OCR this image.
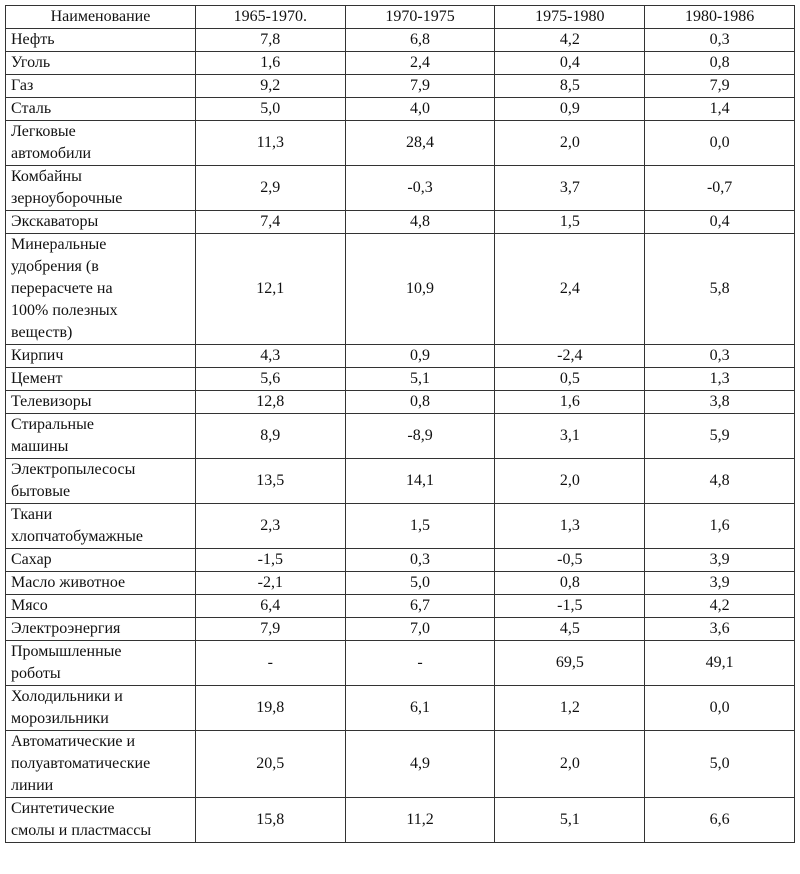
Наименование	1965-1970.	1970-1975	1975-1980	1980-1986

Нефть	7,8	6,8	4,2	0,3

Уголь	1,6	2,4	0,4	0,8

Газ	9,2	7,9	8,5	7,9

Сталь	5,0	4,0	0,9	1,4

Легковые
автомобили	11,3	28,4	2,0	0,0

Комбайны
зерноуборочные	2,9	-0,3	3,7	-0,7

Экскаваторы	7,4	4,8	1,5	0,4

Минеральные
удобрения (в
перерасчете на
100% полезных
веществ)	12,1	10,9	2,4	5,8

Кирпич	4,3	0,9	-2,4	0,3

Цемент	5,6	5,1	0,5	1,3

Телевизоры	12,8	0,8	1,6	3,8

Стиральные
машины	8,9	-8,9	3,1	5,9

Электропылесосы
бытовые	13,5	14,1	2,0	4,8

Ткани
хлопчатобумажные	2,3	1,5	1,3	1,6

Сахар	-1,5	0,3	-0,5	3,9

Масло животное	-2,1	5,0	0,8	3,9

Мясо	6,4	6,7	-1,5	4,2

Электроэнергия	7,9	7,0	4,5	3,6

Промышленные
роботы	-	-	69,5	49,1

Холодильники и
морозильники	19,8	6,1	1,2	0,0

Автоматические и
полуавтоматические
линии	20,5	4,9	2,0	5,0

Синтетические
смолы и пластмассы	15,8	11,2	5,1	6,6
